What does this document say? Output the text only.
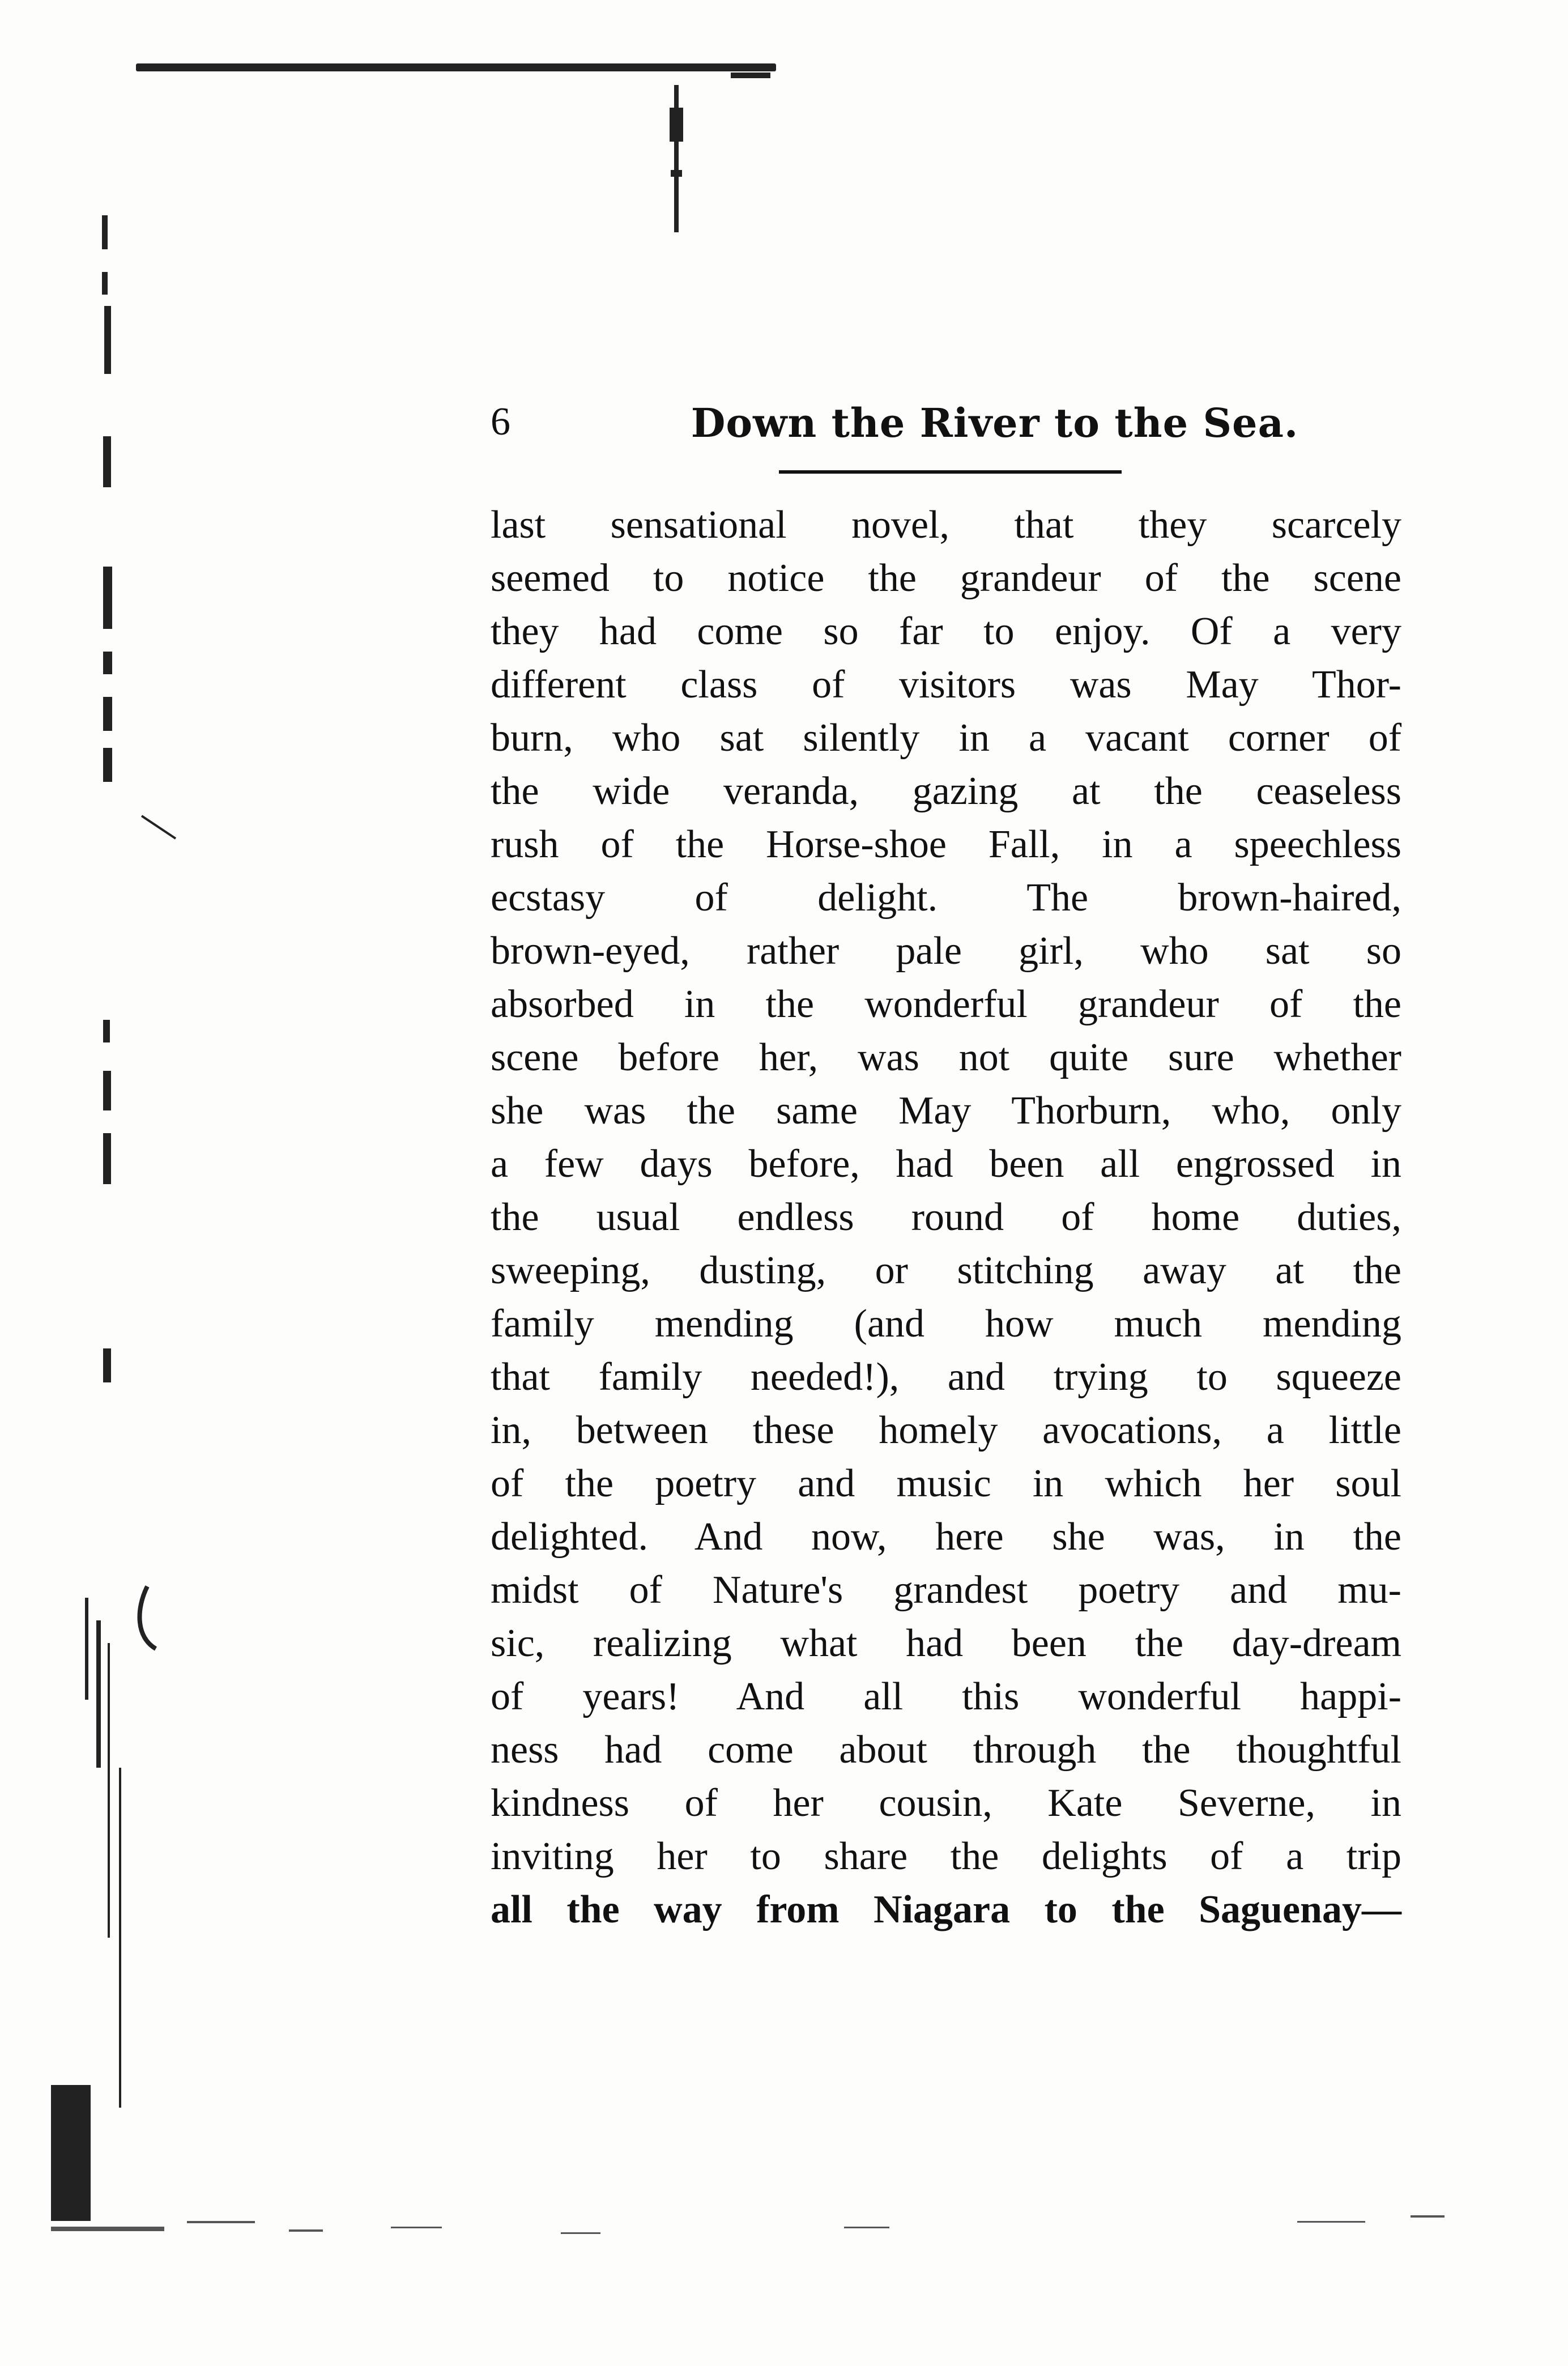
6	Down the River to the Sea.
last sensational novel, that they scarcely
seemed to notice the grandeur of the scene
they had come so far to enjoy. Of a very
different class of visitors was May Thor-
burn, who sat silently in a vacant corner of
the wide veranda, gazing at the ceaseless
rush of the Horse-shoe Fall, in a speechless
ecstasy of delight. The brown-haired,
brown-eyed, rather pale girl, who sat so
absorbed in the wonderful grandeur of the
scene before her, was not quite sure whether
she was the same May Thorburn, who, only
a few days before, had been all engrossed in
the usual endless round of home duties,
sweeping, dusting, or stitching away at the
family mending (and how much mending
that family needed!), and trying to squeeze
in, between these homely avocations, a little
of the poetry and music in which her soul
delighted. And now, here she was, in the
midst of Nature's grandest poetry and mu-
sic, realizing what had been the day-dream
of years! And all this wonderful happi-
ness had come about through the thoughtful
kindness of her cousin, Kate Severne, in
inviting her to share the delights of a trip
all the way from Niagara to the Saguenay—
